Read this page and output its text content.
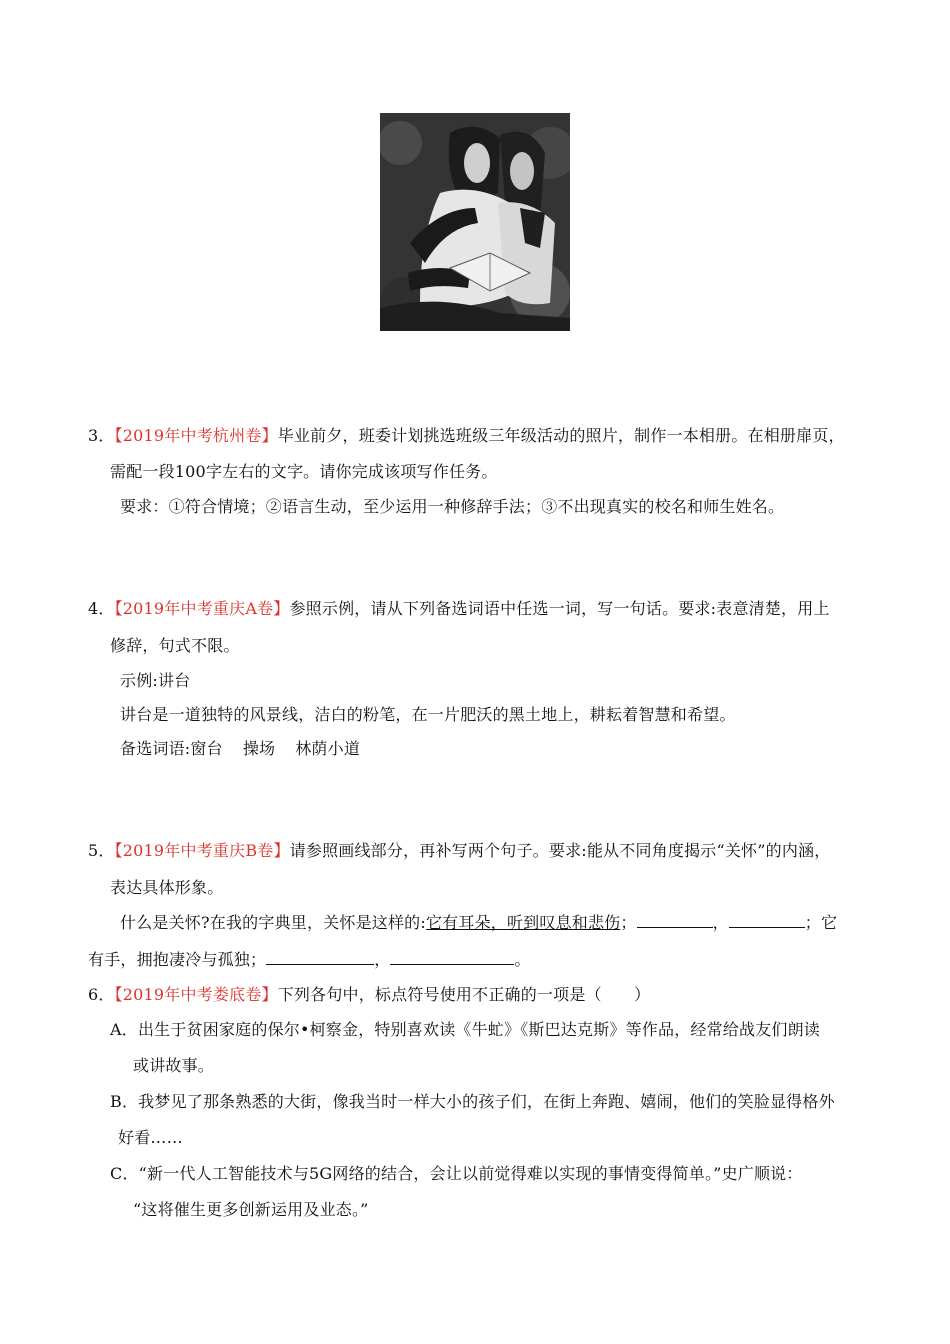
3．【2019年中考杭州卷】毕业前夕，班委计划挑选班级三年级活动的照片，制作一本相册。在相册扉页，
需配一段100字左右的文字。请你完成该项写作任务。
要求：①符合情境；②语言生动，至少运用一种修辞手法；③不出现真实的校名和师生姓名。
4．【2019年中考重庆A卷】参照示例，请从下列备选词语中任选一词，写一句话。要求:表意清楚，用上
修辞，句式不限。
示例:讲台
讲台是一道独特的风景线，洁白的粉笔，在一片肥沃的黑土地上，耕耘着智慧和希望。
备选词语:窗台 操场 林荫小道
5．【2019年中考重庆B卷】请参照画线部分，再补写两个句子。要求:能从不同角度揭示“关怀”的内涵，
表达具体形象。
什么是关怀?在我的字典里，关怀是这样的:它有耳朵，听到叹息和悲伤；	，	；它
有手，拥抱凄冷与孤独；	，	。
6．【2019年中考娄底卷】下列各句中，标点符号使用不正确的一项是（　　）
A．出生于贫困家庭的保尔•柯察金，特别喜欢读《牛虻》《斯巴达克斯》等作品，经常给战友们朗读
或讲故事。
B．我梦见了那条熟悉的大街，像我当时一样大小的孩子们，在街上奔跑、嬉闹，他们的笑脸显得格外
好看……
C．“新一代人工智能技术与5G网络的结合，会让以前觉得难以实现的事情变得简单。”史广顺说：
“这将催生更多创新运用及业态。”
